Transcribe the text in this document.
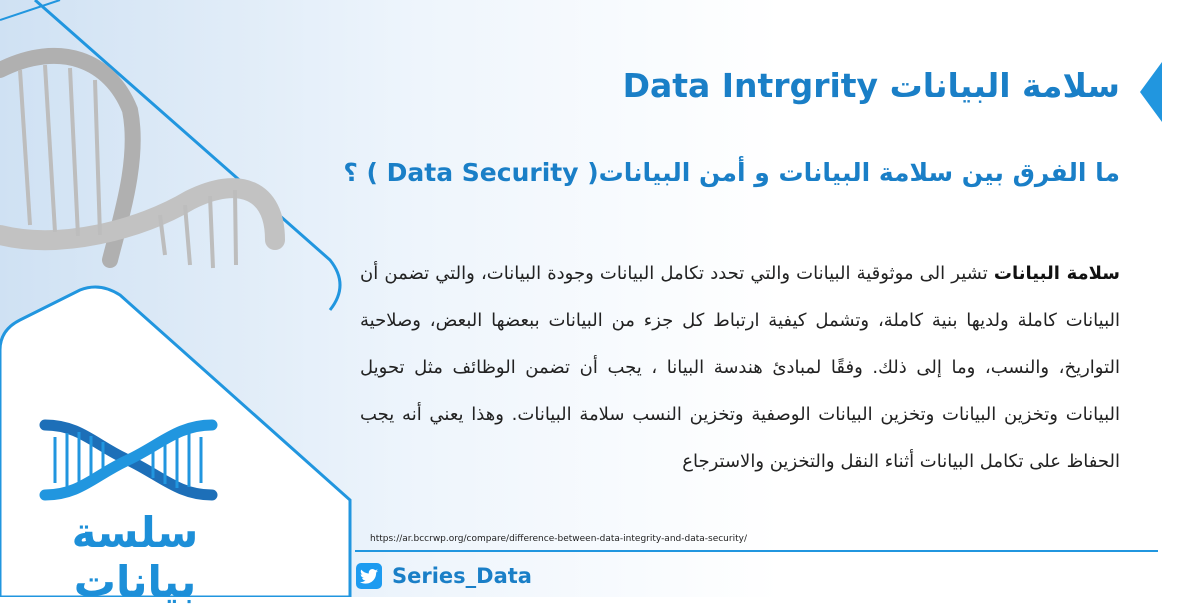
سلامة البيانات Data Intrgrity
ما الفرق بين سلامة البيانات و أمن البيانات( Data Security ) ؟

سلامة البيانات تشير الى موثوقية البيانات والتي تحدد تكامل البيانات وجودة البيانات، والتي تضمن أن البيانات كاملة ولديها بنية كاملة، وتشمل كيفية ارتباط كل جزء من البيانات ببعضها البعض، وصلاحية التواريخ، والنسب، وما إلى ذلك. وفقًا لمبادئ هندسة البيانا ، يجب أن تضمن الوظائف مثل تحويل البيانات وتخزين البيانات وتخزين البيانات الوصفية وتخزين النسب سلامة البيانات. وهذا يعني أنه يجب الحفاظ على تكامل البيانات أثناء النقل والتخزين والاسترجاع

https://ar.bccrwp.org/compare/difference-between-data-integrity-and-data-security/
Series_Data
سلسة بيانات
